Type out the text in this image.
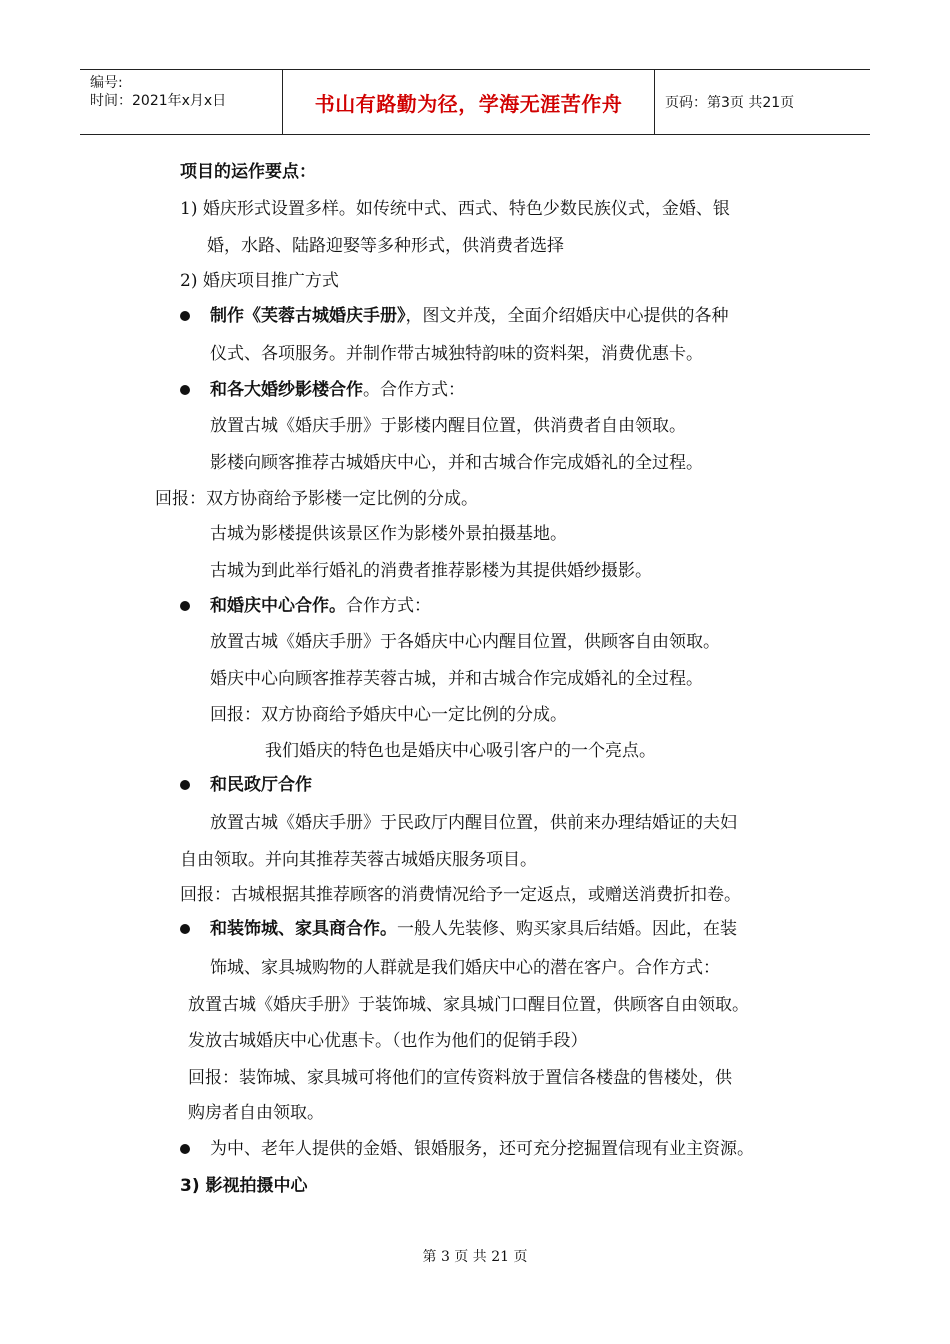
编号:
时间：2021年x月x日	书山有路勤为径，学海无涯苦作舟	页码：第3页 共21页
项目的运作要点：
1) 婚庆形式设置多样。如传统中式、西式、特色少数民族仪式，金婚、银
婚，水路、陆路迎娶等多种形式，供消费者选择
2) 婚庆项目推广方式
制作《芙蓉古城婚庆手册》，图文并茂，全面介绍婚庆中心提供的各种
仪式、各项服务。并制作带古城独特韵味的资料架，消费优惠卡。
和各大婚纱影楼合作。合作方式：
放置古城《婚庆手册》于影楼内醒目位置，供消费者自由领取。
影楼向顾客推荐古城婚庆中心，并和古城合作完成婚礼的全过程。
回报：双方协商给予影楼一定比例的分成。
古城为影楼提供该景区作为影楼外景拍摄基地。
古城为到此举行婚礼的消费者推荐影楼为其提供婚纱摄影。
和婚庆中心合作。合作方式：
放置古城《婚庆手册》于各婚庆中心内醒目位置，供顾客自由领取。
婚庆中心向顾客推荐芙蓉古城，并和古城合作完成婚礼的全过程。
回报：双方协商给予婚庆中心一定比例的分成。
我们婚庆的特色也是婚庆中心吸引客户的一个亮点。
和民政厅合作
放置古城《婚庆手册》于民政厅内醒目位置，供前来办理结婚证的夫妇
自由领取。并向其推荐芙蓉古城婚庆服务项目。
回报：古城根据其推荐顾客的消费情况给予一定返点，或赠送消费折扣卷。
和装饰城、家具商合作。一般人先装修、购买家具后结婚。因此，在装
饰城、家具城购物的人群就是我们婚庆中心的潜在客户。合作方式：
放置古城《婚庆手册》于装饰城、家具城门口醒目位置，供顾客自由领取。
发放古城婚庆中心优惠卡。（也作为他们的促销手段）
回报：装饰城、家具城可将他们的宣传资料放于置信各楼盘的售楼处，供
购房者自由领取。
为中、老年人提供的金婚、银婚服务，还可充分挖掘置信现有业主资源。
3) 影视拍摄中心
第 3 页 共 21 页
